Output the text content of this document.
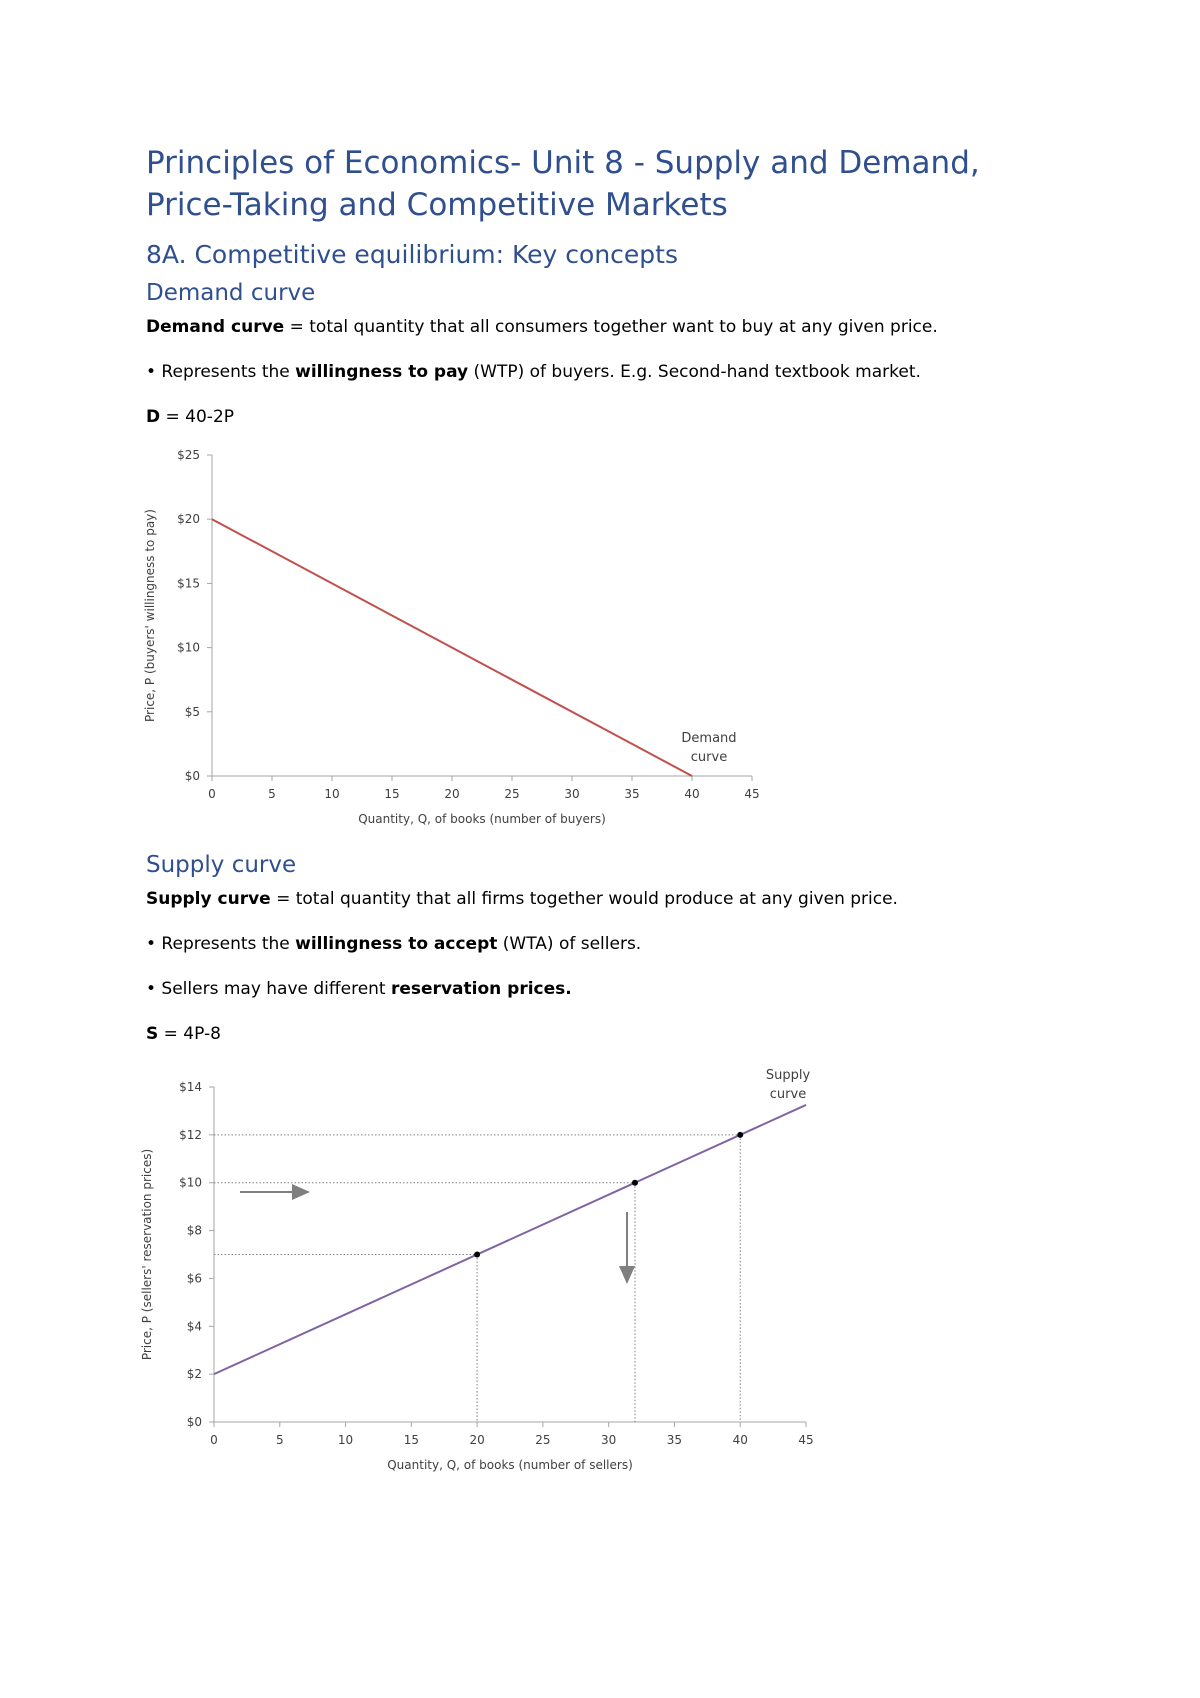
Principles of Economics- Unit 8 - Supply and Demand,
Price-Taking and Competitive Markets
8A. Competitive equilibrium: Key concepts
Demand curve

Demand curve = total quantity that all consumers together want to buy at any given price.

• Represents the willingness to pay (WTP) of buyers. E.g. Second-hand textbook market.

D = 40-2P

$0
$5
$10
$15
$20
$25
0	5	10	15	20	25	30	35	40	45
Quantity, Q, of books (number of buyers)
Price, P (buyers' willingness to pay)
Demand
curve
Supply curve

Supply curve = total quantity that all firms together would produce at any given price.

• Represents the willingness to accept (WTA) of sellers.

• Sellers may have different reservation prices.

S = 4P-8

$0
$2
$4
$6
$8
$10
$12
$14
0	5	10	15	20	25	30	35	40	45
Quantity, Q, of books (number of sellers)
Price, P (sellers' reservation prices)
Supply
curve
